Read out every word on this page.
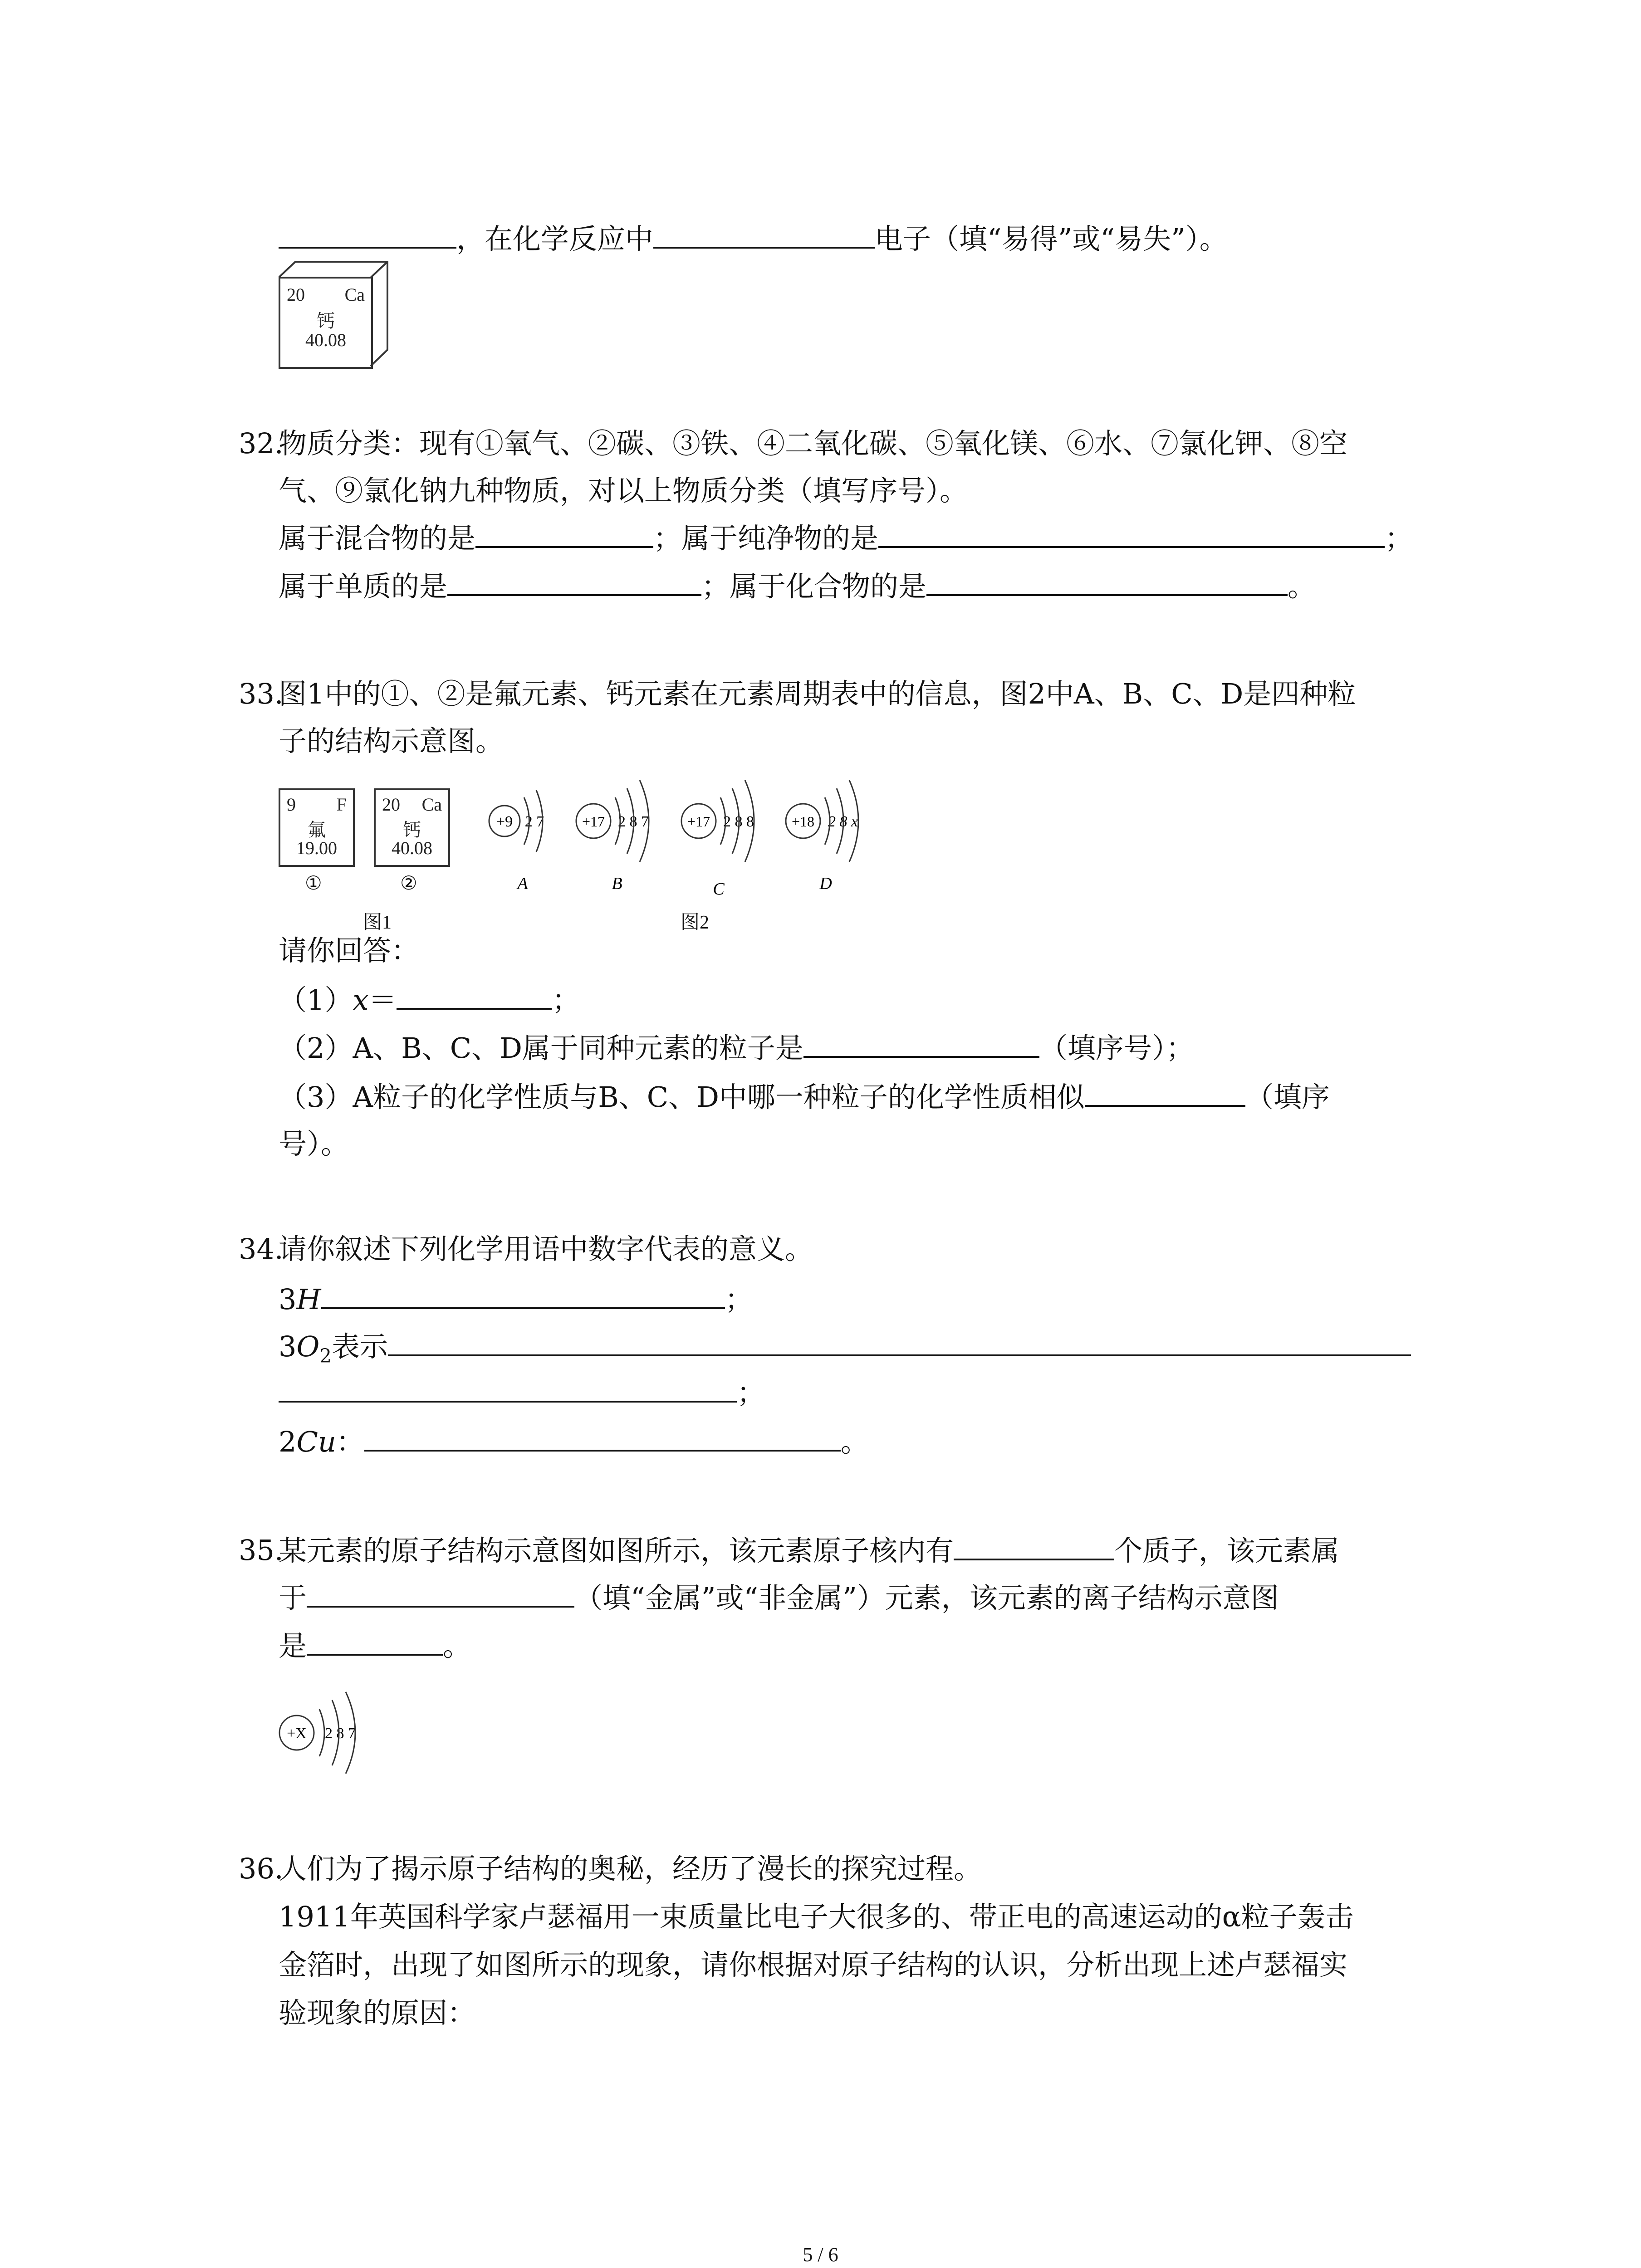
，在化学反应中	电子（填“易得”或“易失”）。
20 Ca
钙
40.08
32.
物质分类：现有①氧气、②碳、③铁、④二氧化碳、⑤氧化镁、⑥水、⑦氯化钾、⑧空
气、⑨氯化钠九种物质，对以上物质分类（填写序号）。
属于混合物的是	；属于纯净物的是	；
属于单质的是	；属于化合物的是	。
33.
图1中的①、②是氟元素、钙元素在元素周期表中的信息，图2中A、B、C、D是四种粒
子的结构示意图。
9 F
氟
19.00
20 Ca
钙
40.08
①	②
图1	图2
+9 2 7
A
+17 2 8 7
B
+17 2 8 8
C
+18 2 8 x
D
请你回答：
（1）x＝	；
（2）A、B、C、D属于同种元素的粒子是	（填序号）；
（3）A粒子的化学性质与B、C、D中哪一种粒子的化学性质相似	（填序
号）。
34.
请你叙述下列化学用语中数字代表的意义。
3H	；
$3O_2$表示
；
2Cu：	。
35.
某元素的原子结构示意图如图所示，该元素原子核内有	个质子，该元素属
于	（填“金属”或“非金属”）元素，该元素的离子结构示意图
是	。
+X 2 8 7
36.
人们为了揭示原子结构的奥秘，经历了漫长的探究过程。
1911年英国科学家卢瑟福用一束质量比电子大很多的、带正电的高速运动的α粒子轰击
金箔时，出现了如图所示的现象，请你根据对原子结构的认识，分析出现上述卢瑟福实
验现象的原因：
5 / 6
